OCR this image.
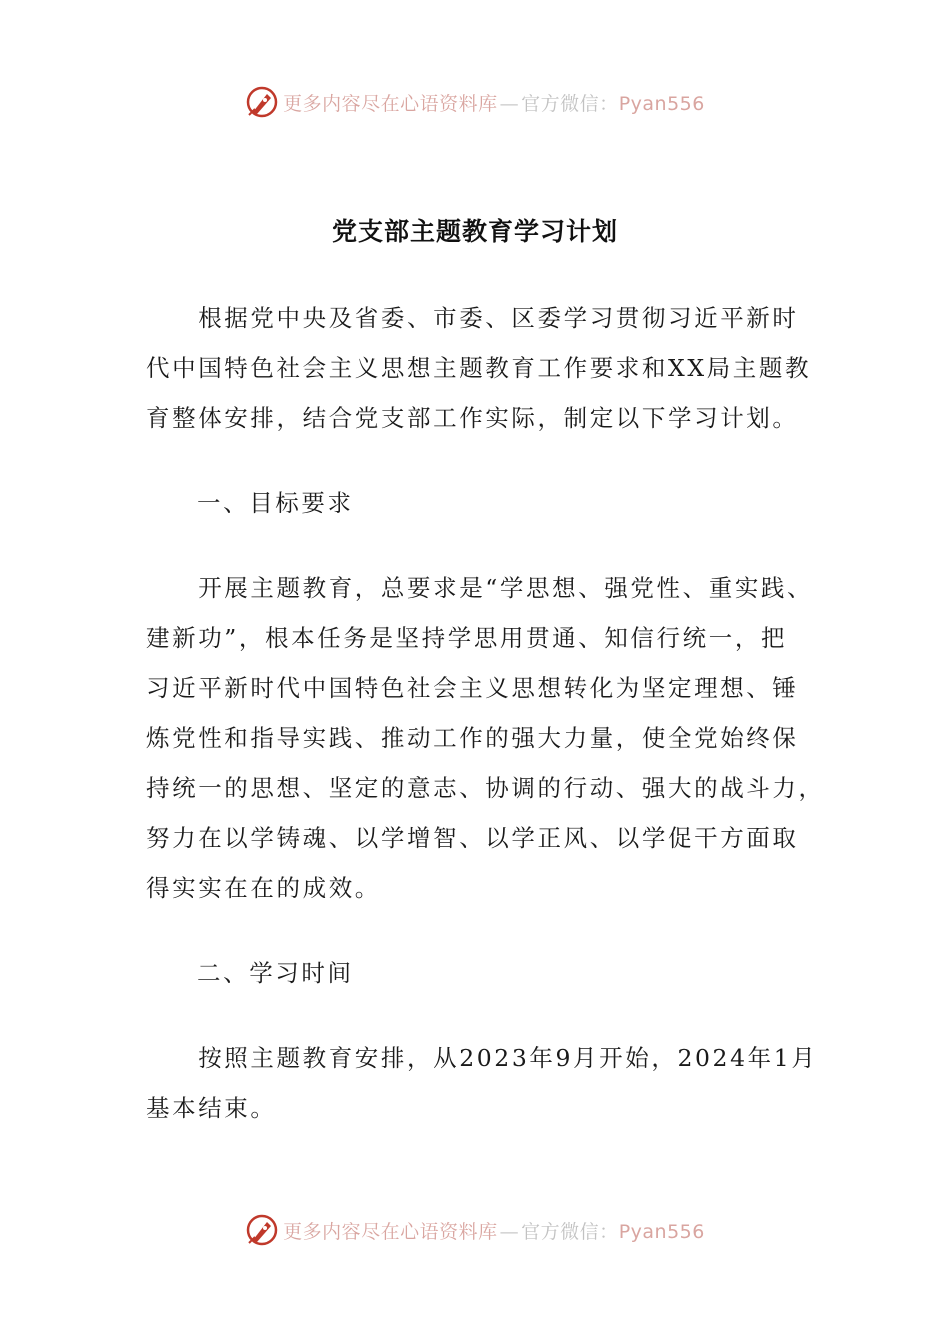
更多内容尽在心语资料库 — 官方微信：Pyan556
党支部主题教育学习计划
　　根据党中央及省委、市委、区委学习贯彻习近平新时
代中国特色社会主义思想主题教育工作要求和XX局主题教
育整体安排，结合党支部工作实际，制定以下学习计划。
一、目标要求
　　开展主题教育，总要求是“学思想、强党性、重实践、
建新功”，根本任务是坚持学思用贯通、知信行统一，把
习近平新时代中国特色社会主义思想转化为坚定理想、锤
炼党性和指导实践、推动工作的强大力量，使全党始终保
持统一的思想、坚定的意志、协调的行动、强大的战斗力，
努力在以学铸魂、以学增智、以学正风、以学促干方面取
得实实在在的成效。
二、学习时间
　　按照主题教育安排，从2023年9月开始，2024年1月
基本结束。
更多内容尽在心语资料库 — 官方微信：Pyan556
